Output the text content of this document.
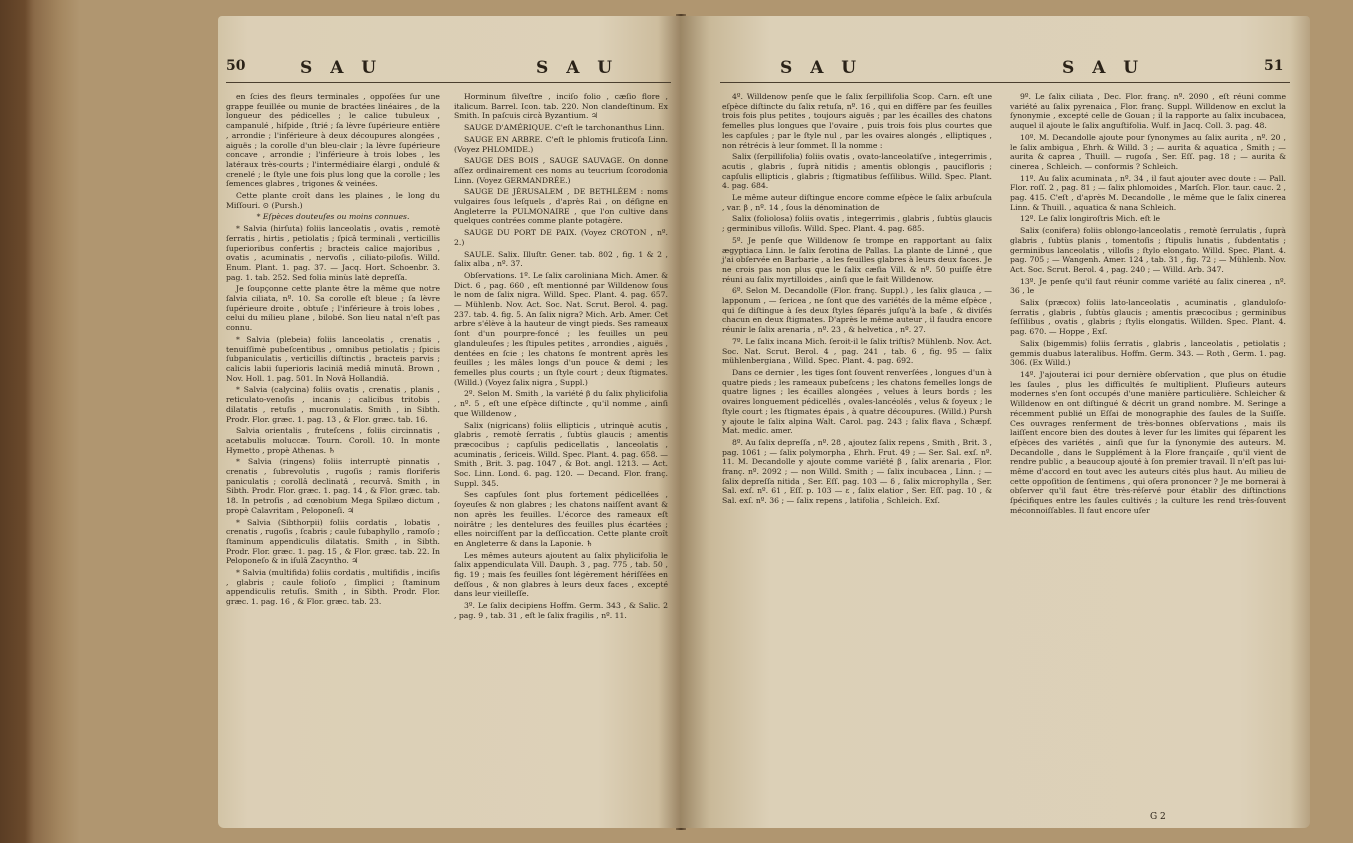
50	S A U	S A U

en ſcies des fleurs terminales , oppoſées ſur une grappe feuillée ou munie de bractées linéaires , de la longueur des pédicelles ; le calice tubuleux , campanulé , hiſpide , ſtrié ; ſa lèvre ſupérieure entière , arrondie ; l'inférieure à deux découpures alongées , aiguës ; la corolle d'un bleu-clair ; la lèvre ſupérieure concave , arrondie ; l'inférieure à trois lobes , les latéraux très-courts ; l'intermédiaire élargi , ondulé & crenelé ; le ſtyle une fois plus long que la corolle ; les ſemences glabres , trigones & veinées.

Cette plante croît dans les plaines , le long du Miſſouri. ⊙ (Pursh.)

* Eſpèces douteuſes ou moins connues.

* Salvia (hirſuta) foliis lanceolatis , ovatis , remotè ſerratis , hirtis , petiolatis ; ſpicâ terminali , verticillis ſuperioribus confertis ; bracteis calice majoribus , ovatis , acuminatis , nervoſis , ciliato-piloſis. Willd. Enum. Plant. 1. pag. 37. — Jacq. Hort. Schoenbr. 3. pag. 1. tab. 252. Sed folia minùs latè depreſſa.

Je ſoupçonne cette plante être la même que notre ſalvia ciliata, nº. 10. Sa corolle eſt bleue ; ſa lèvre ſupérieure droite , obtuſe ; l'inférieure à trois lobes , celui du milieu plane , bilobé. Son lieu natal n'eſt pas connu.

* Salvia (plebeia) foliis lanceolatis , crenatis , tenuiſſimè pubeſcentibus , omnibus petiolatis ; ſpicis ſubpaniculatis , verticillis diſtinctis , bracteis parvis ; calicis labii ſuperioris laciniâ mediâ minutâ. Brown , Nov. Holl. 1. pag. 501. In Novâ Hollandiâ.

* Salvia (calycina) foliis ovatis , crenatis , planis , reticulato-venoſis , incanis ; calicibus tritobis , dilatatis , retuſis , mucronulatis. Smith , in Sibth. Prodr. Flor. græc. 1. pag. 13 , & Flor. græc. tab. 16.

Salvia orientalis , fruteſcens , foliis circinnatis , acetabulis moluccæ. Tourn. Coroll. 10. In monte Hymetto , propè Athenas. ♄

* Salvia (ringens) foliis interruptè pinnatis , crenatis , ſubrevolutis , rugoſis ; ramis floriferis paniculatis ; corollâ declinatâ , recurvâ. Smith , in Sibth. Prodr. Flor. græc. 1. pag. 14 , & Flor. græc. tab. 18. In petroſis , ad cœnobium Mega Spilæo dictum , propè Calavritam , Peloponeſi. ♃

* Salvia (Sibthorpii) foliis cordatis , lobatis , crenatis , rugoſis , ſcabris ; caule ſubaphyllo , ramoſo ; ſtaminum appendiculis dilatatis. Smith , in Sibth. Prodr. Flor. græc. 1. pag. 15 , & Flor. græc. tab. 22. In Peloponeſo & in iſulâ Zacyntho. ♃

* Salvia (multifida) foliis cordatis , multifidis , inciſis , glabris ; caule folioſo , ſimplici ; ſtaminum appendiculis retuſis. Smith , in Sibth. Prodr. Flor. græc. 1. pag. 16 , & Flor. græc. tab. 23.

Horminum ſilveſtre , inciſo folio , cæſio flore , italicum. Barrel. Icon. tab. 220. Non clandeſtinum. Ex Smith. In paſcuis circà Byzantium. ♃

SAUGE D'AMÉRIQUE. C'eſt le tarchonanthus Linn.

SAUGE EN ARBRE. C'eſt le phlomis fruticoſa Linn. (Voyez PHLOMIDE.)

SAUGE DES BOIS , SAUGE SAUVAGE. On donne aſſez ordinairement ces noms au teucrium ſcorodonia Linn. (Voyez GERMANDRÉE.)

SAUGE DE JÉRUSALEM , DE BETHLÉEM : noms vulgaires ſous leſquels , d'après Rai , on déſigne en Angleterre la PULMONAIRE , que l'on cultive dans quelques contrées comme plante potagère.

SAUGE DU PORT DE PAIX. (Voyez CROTON , nº. 2.)

SAULE. Salix. Illuſtr. Gener. tab. 802 , fig. 1 & 2 , ſalix alba , nº. 37.

Obſervations. 1º. Le ſalix caroliniana Mich. Amer. & Dict. 6 , pag. 660 , eſt mentionné par Willdenow ſous le nom de ſalix nigra. Willd. Spec. Plant. 4. pag. 657. — Mühlenb. Nov. Act. Soc. Nat. Scrut. Berol. 4. pag. 237. tab. 4. fig. 5. An ſalix nigra? Mich. Arb. Amer. Cet arbre s'élève à la hauteur de vingt pieds. Ses rameaux ſont d'un pourpre-foncé ; les feuilles un peu glanduleuſes ; les ſtipules petites , arrondies , aiguës , dentées en ſcie ; les chatons ſe montrent après les feuilles ; les mâles longs d'un pouce & demi ; les femelles plus courts ; un ſtyle court ; deux ſtigmates. (Willd.) (Voyez ſalix nigra , Suppl.)

2º. Selon M. Smith , la variété β du ſalix phylicifolia , nº. 5 , eſt une eſpèce diſtincte , qu'il nomme , ainſi que Willdenow ,

Salix (nigricans) foliis ellipticis , utrinquè acutis , glabris , remotè ſerratis , ſubtùs glaucis ; amentis præcocibus ; capſulis pedicellatis , lanceolatis , acuminatis , ſericeis. Willd. Spec. Plant. 4. pag. 658. — Smith , Brit. 3. pag. 1047 , & Bot. angl. 1213. — Act. Soc. Linn. Lond. 6. pag. 120. — Decand. Flor. franç. Suppl. 345.

Ses capſules ſont plus fortement pédicellées , ſoyeuſes & non glabres ; les chatons naiſſent avant & non après les feuilles. L'écorce des rameaux eſt noirâtre ; les dentelures des feuilles plus écartées ; elles noirciſſent par la deſſiccation. Cette plante croît en Angleterre & dans la Laponie. ♄

Les mêmes auteurs ajoutent au ſalix phylicifolia le ſalix appendiculata Vill. Dauph. 3 , pag. 775 , tab. 50 , fig. 19 ; mais ſes feuilles ſont légèrement hériſſées en deſſous , & non glabres à leurs deux faces , excepté dans leur vieilleſſe.

3º. Le ſalix decipiens Hoffm. Germ. 343 , & Salic. 2 , pag. 9 , tab. 31 , eſt le ſalix fragilis , nº. 11.

S A U	S A U	51

4º. Willdenow penſe que le ſalix ſerpillifolia Scop. Carn. eſt une eſpèce diſtincte du ſalix retuſa, nº. 16 , qui en diffère par ſes feuilles trois fois plus petites , toujours aiguës ; par les écailles des chatons femelles plus longues que l'ovaire , puis trois fois plus courtes que les capſules ; par le ſtyle nul , par les ovaires alongés , elliptiques , non rétrécis à leur ſommet. Il la nomme :

Salix (ſerpillifolia) foliis ovatis , ovato-lanceolatiſve , integerrimis , acutis , glabris , ſuprà nitidis ; amentis oblongis , paucifloris ; capſulis ellipticis , glabris ; ſtigmatibus ſeſſilibus. Willd. Spec. Plant. 4. pag. 684.

Le même auteur diſtingue encore comme eſpèce le ſalix arbuſcula , var. β , nº. 14 , ſous la dénomination de

Salix (foliolosa) foliis ovatis , integerrimis , glabris , ſubtùs glaucis ; germinibus villoſis. Willd. Spec. Plant. 4. pag. 685.

5º. Je penſe que Willdenow ſe trompe en rapportant au ſalix ægyptiaca Linn. le ſalix ſerotina de Pallas. La plante de Linné , que j'ai obſervée en Barbarie , a les feuilles glabres à leurs deux faces. Je ne crois pas non plus que le ſalix cæſia Vill. & nº. 50 puiſſe être réuni au ſalix myrtilloides , ainſi que le fait Willdenow.

6º. Selon M. Decandolle (Flor. franç. Suppl.) , les ſalix glauca , — lapponum , — ſericea , ne ſont que des variétés de la même eſpèce , qui ſe diſtingue à ſes deux ſtyles ſéparés juſqu'à la baſe , & diviſés chacun en deux ſtigmates. D'après le même auteur , il faudra encore réunir le ſalix arenaria , nº. 23 , & helvetica , nº. 27.

7º. Le ſalix incana Mich. ſeroit-il le ſalix triſtis? Mühlenb. Nov. Act. Soc. Nat. Scrut. Berol. 4 , pag. 241 , tab. 6 , fig. 95 — ſalix mühlenbergiana , Willd. Spec. Plant. 4. pag. 692.

Dans ce dernier , les tiges ſont ſouvent renverſées , longues d'un à quatre pieds ; les rameaux pubeſcens ; les chatons femelles longs de quatre lignes ; les écailles alongées , velues à leurs bords ; les ovaires longuement pédicellés , ovales-lancéolés , velus & ſoyeux ; le ſtyle court ; les ſtigmates épais , à quatre découpures. (Willd.) Pursh y ajoute le ſalix alpina Walt. Carol. pag. 243 ; ſalix flava , Schæpf. Mat. medic. amer.

8º. Au ſalix depreſſa , nº. 28 , ajoutez ſalix repens , Smith , Brit. 3 , pag. 1061 ; — ſalix polymorpha , Ehrh. Frut. 49 ; — Ser. Sal. exſ. nº. 11. M. Decandolle y ajoute comme variété β , ſalix arenaria , Flor. franç. nº. 2092 ; — non Willd. Smith ; — ſalix incubacea , Linn. ; — ſalix depreſſa nitida , Ser. Eſſ. pag. 103 — δ , ſalix microphylla , Ser. Sal. exſ. nº. 61 , Eſſ. p. 103 — ε , ſalix elatior , Ser. Eſſ. pag. 10 , & Sal. exſ. nº. 36 ; — ſalix repens , latifolia , Schleich. Exſ.

9º. Le ſalix ciliata , Dec. Flor. franç. nº. 2090 , eſt réuni comme variété au ſalix pyrenaica , Flor. franç. Suppl. Willdenow en exclut la ſynonymie , excepté celle de Gouan ; il la rapporte au ſalix incubacea, auquel il ajoute le ſalix anguſtifolia. Wulf. in Jacq. Coll. 3. pag. 48.

10º. M. Decandolle ajoute pour ſynonymes au ſalix aurita , nº. 20 , le ſalix ambigua , Ehrh. & Willd. 3 ; — aurita & aquatica , Smith ; — aurita & caprea , Thuill. — rugoſa , Ser. Eſſ. pag. 18 ; — aurita & cinerea , Schleich. — conformis ? Schleich.

11º. Au ſalix acuminata , nº. 34 , il faut ajouter avec doute : — Pall. Flor. roſſ. 2 , pag. 81 ; — ſalix phlomoides , Marſch. Flor. taur. cauc. 2 , pag. 415. C'eſt , d'après M. Decandolle , le même que le ſalix cinerea Linn. & Thuill. , aquatica & nana Schleich.

12º. Le ſalix longiroſtris Mich. eſt le

Salix (conifera) foliis oblongo-lanceolatis , remotè ſerrulatis , ſuprà glabris , ſubtùs planis , tomentoſis ; ſtipulis lunatis , ſubdentatis ; germinibus lanceolatis , villoſis ; ſtylo elongato. Willd. Spec. Plant. 4. pag. 705 ; — Wangenh. Amer. 124 , tab. 31 , fig. 72 ; — Mühlenb. Nov. Act. Soc. Scrut. Berol. 4 , pag. 240 ; — Willd. Arb. 347.

13º. Je penſe qu'il faut réunir comme variété au ſalix cinerea , nº. 36 , le

Salix (præcox) foliis lato-lanceolatis , acuminatis , glanduloſo-ſerratis , glabris , ſubtùs glaucis ; amentis præcocibus ; germinibus ſeſſilibus , ovatis , glabris ; ſtylis elongatis. Willden. Spec. Plant. 4. pag. 670. — Hoppe , Exſ.

Salix (bigemmis) foliis ſerratis , glabris , lanceolatis , petiolatis ; gemmis duabus lateralibus. Hoffm. Germ. 343. — Roth , Germ. 1. pag. 306. (Ex Willd.)

14º. J'ajouterai ici pour dernière obſervation , que plus on étudie les ſaules , plus les difficultés ſe multiplient. Pluſieurs auteurs modernes s'en ſont occupés d'une manière particulière. Schleicher & Willdenow en ont diſtingué & décrit un grand nombre. M. Seringe a récemment publié un Eſſai de monographie des ſaules de la Suiſſe. Ces ouvrages renferment de très-bonnes obſervations , mais ils laiſſent encore bien des doutes à lever ſur les limites qui ſéparent les eſpèces des variétés , ainſi que ſur la ſynonymie des auteurs. M. Decandolle , dans le Supplément à la Flore françaiſe , qu'il vient de rendre public , a beaucoup ajouté à ſon premier travail. Il n'eſt pas lui-même d'accord en tout avec les auteurs cités plus haut. Au milieu de cette oppoſition de ſentimens , qui oſera prononcer ? Je me bornerai à obſerver qu'il faut être très-réſervé pour établir des diſtinctions ſpécifiques entre les ſaules cultivés ; la culture les rend très-ſouvent méconnoiſſables. Il faut encore uſer

G 2
